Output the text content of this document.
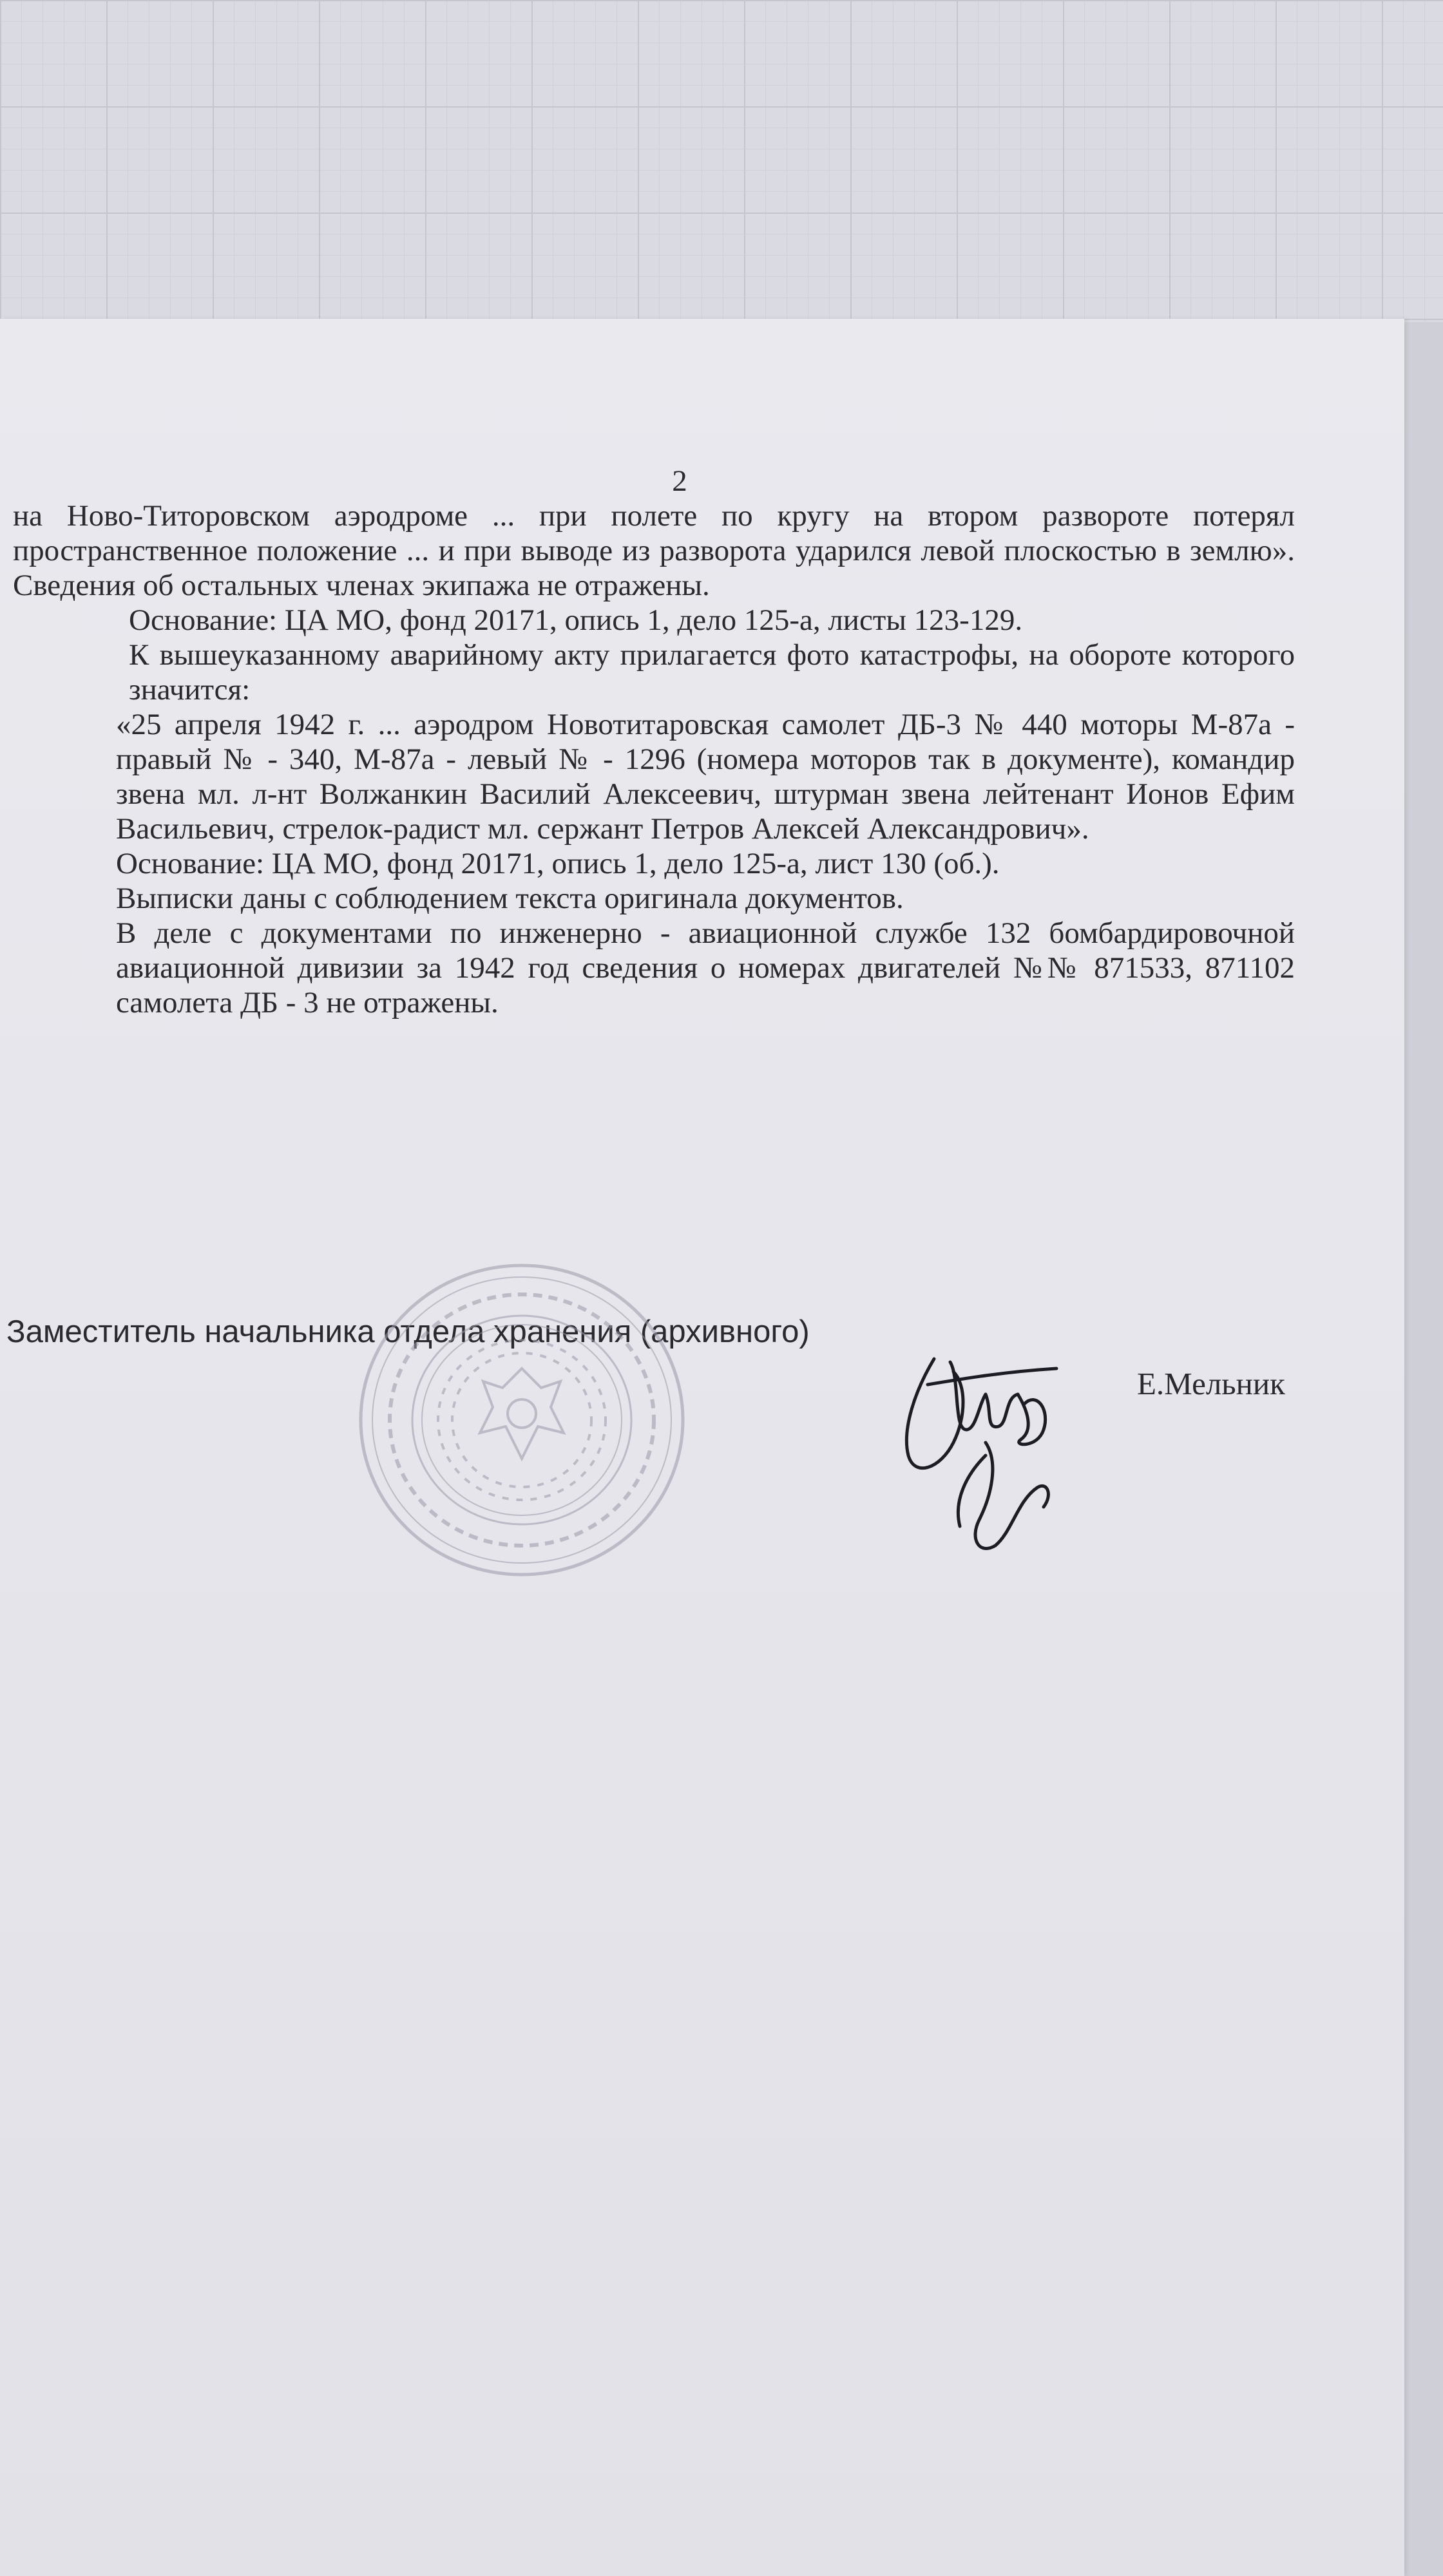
2

на Ново-Титоровском аэродроме ... при полете по кругу на втором развороте потерял пространственное положение ... и при выводе из разворота ударился левой плоскостью в землю». Сведения об остальных членах экипажа не отражены.

Основание: ЦА МО, фонд 20171, опись 1, дело 125-а, листы 123-129.

К вышеуказанному аварийному акту прилагается фото катастрофы, на обороте которого значится:

«25 апреля 1942 г. ... аэродром Новотитаровская самолет ДБ-3 № 440 моторы М-87а - правый № - 340, М-87а - левый № - 1296 (номера моторов так в документе), командир звена мл. л-нт Волжанкин Василий Алексеевич, штурман звена лейтенант Ионов Ефим Васильевич, стрелок-радист мл. сержант Петров Алексей Александрович».

Основание: ЦА МО, фонд 20171, опись 1, дело 125-а, лист 130 (об.).

Выписки даны с соблюдением текста оригинала документов.

В деле с документами по инженерно - авиационной службе 132 бомбардировочной авиационной дивизии за 1942 год сведения о номерах двигателей №№ 871533, 871102 самолета ДБ - 3 не отражены.

Заместитель начальника отдела хранения (архивного)
Е.Мельник
